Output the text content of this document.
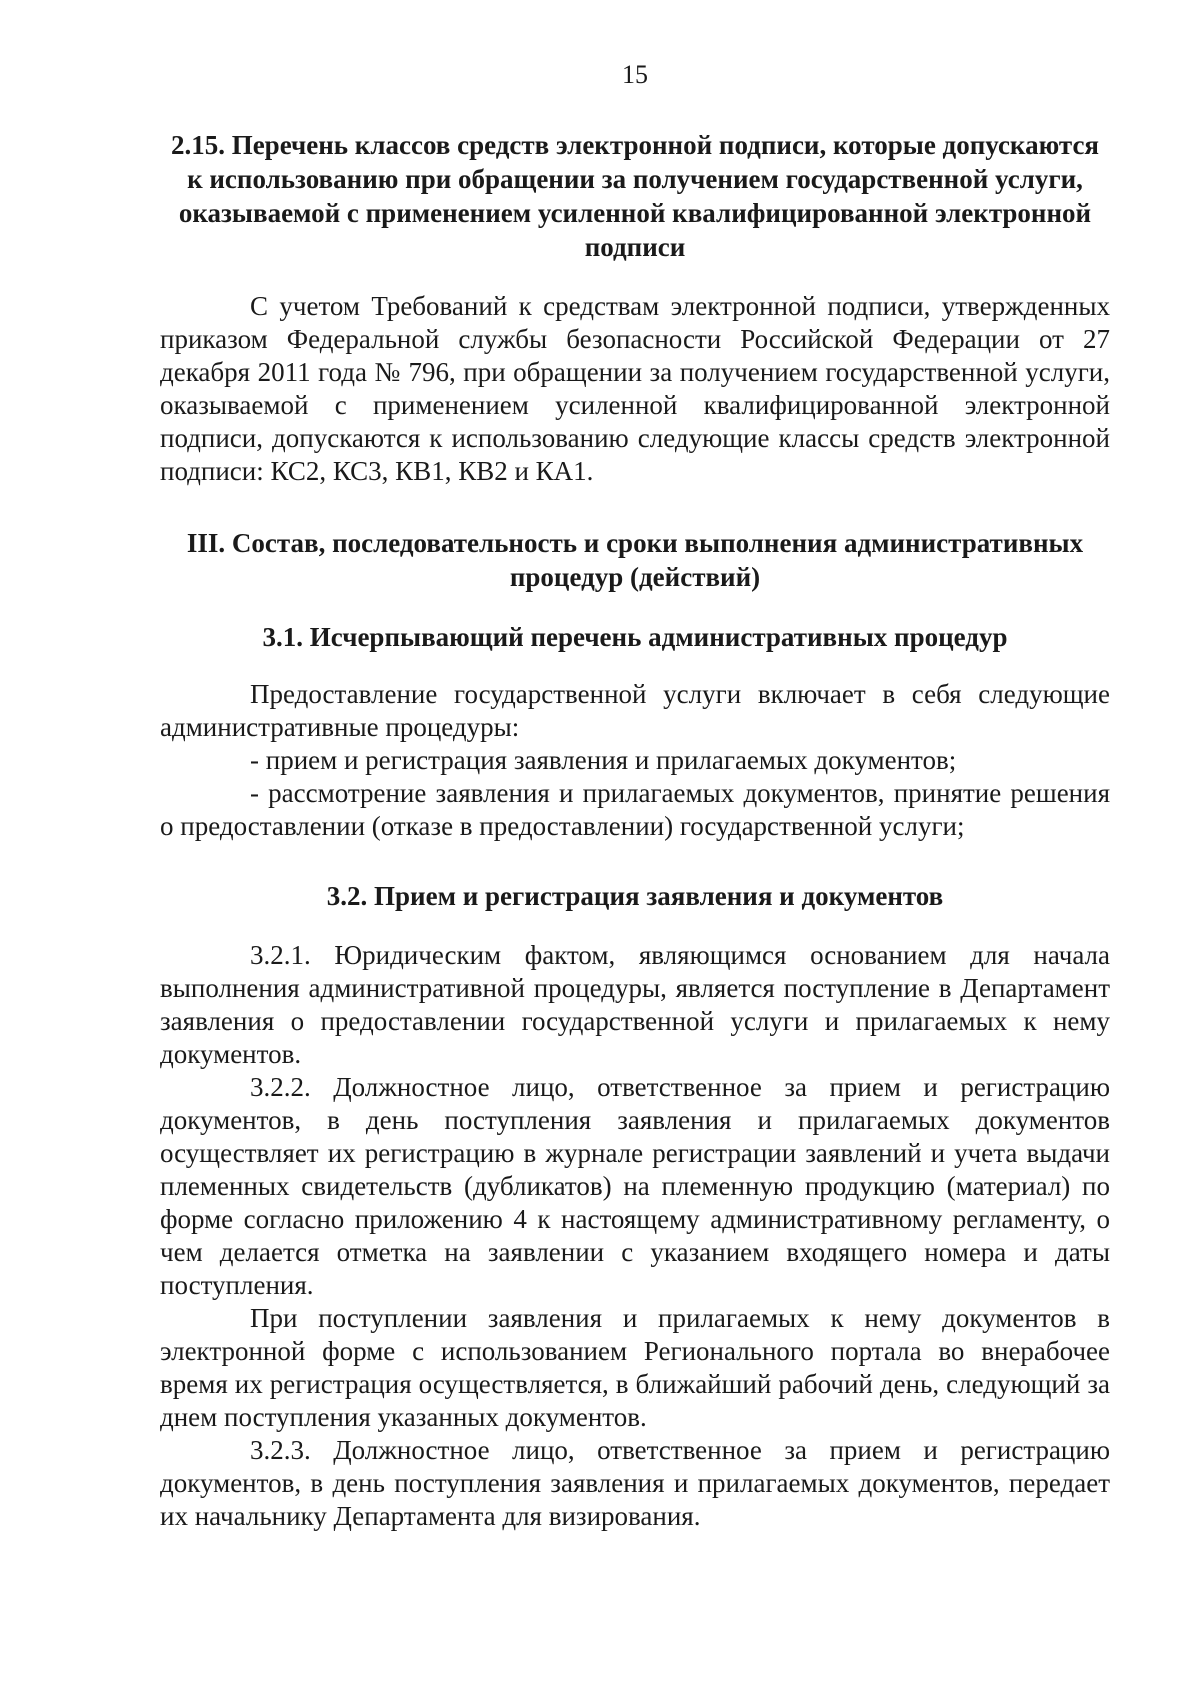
15
2.15. Перечень классов средств электронной подписи, которые допускаются к использованию при обращении за получением государственной услуги, оказываемой с применением усиленной квалифицированной электронной подписи

С учетом Требований к средствам электронной подписи, утвержденных приказом Федеральной службы безопасности Российской Федерации от 27 декабря 2011 года № 796, при обращении за получением государственной услуги, оказываемой с применением усиленной квалифицированной электронной подписи, допускаются к использованию следующие классы средств электронной подписи: КС2, КС3, КВ1, КВ2 и КА1.

III. Состав, последовательность и сроки выполнения административных процедур (действий)
3.1. Исчерпывающий перечень административных процедур

Предоставление государственной услуги включает в себя следующие административные процедуры:

- прием и регистрация заявления и прилагаемых документов;

- рассмотрение заявления и прилагаемых документов, принятие решения о предоставлении (отказе в предоставлении) государственной услуги;

3.2. Прием и регистрация заявления и документов

3.2.1. Юридическим фактом, являющимся основанием для начала выполнения административной процедуры, является поступление в Департамент заявления о предоставлении государственной услуги и прилагаемых к нему документов.

3.2.2. Должностное лицо, ответственное за прием и регистрацию документов, в день поступления заявления и прилагаемых документов осуществляет их регистрацию в журнале регистрации заявлений и учета выдачи племенных свидетельств (дубликатов) на племенную продукцию (материал) по форме согласно приложению 4 к настоящему административному регламенту, о чем делается отметка на заявлении с указанием входящего номера и даты поступления.

При поступлении заявления и прилагаемых к нему документов в электронной форме с использованием Регионального портала во внерабочее время их регистрация осуществляется, в ближайший рабочий день, следующий за днем поступления указанных документов.

3.2.3. Должностное лицо, ответственное за прием и регистрацию документов, в день поступления заявления и прилагаемых документов, передает их начальнику Департамента для визирования.
